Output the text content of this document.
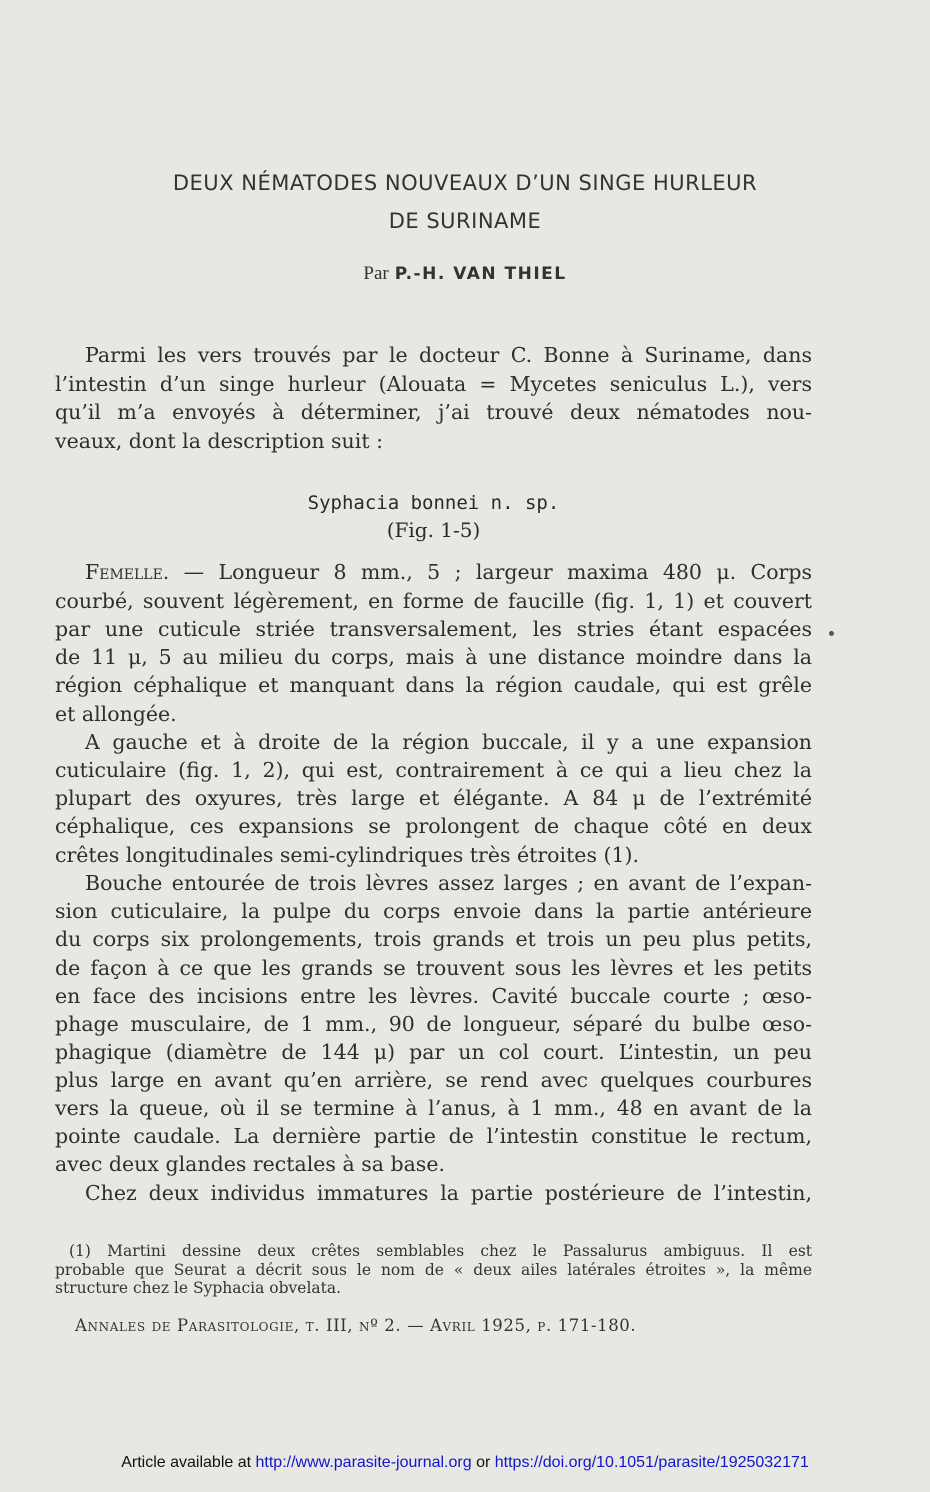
DEUX NÉMATODES NOUVEAUX D’UN SINGE HURLEUR
DE SURINAME
Par P.-H. VAN THIEL
Parmi les vers trouvés par le docteur C. Bonne à Suriname, dans
l’intestin d’un singe hurleur (Alouata = Mycetes seniculus L.), vers
qu’il m’a envoyés à déterminer, j’ai trouvé deux nématodes nou-
veaux, dont la description suit :
Syphacia bonnei n. sp.
(Fig. 1-5)
Femelle. — Longueur 8 mm., 5 ; largeur maxima 480 μ. Corps
courbé, souvent légèrement, en forme de faucille (fig. 1, 1) et couvert
par une cuticule striée transversalement, les stries étant espacées
de 11 μ, 5 au milieu du corps, mais à une distance moindre dans la
région céphalique et manquant dans la région caudale, qui est grêle
et allongée.
A gauche et à droite de la région buccale, il y a une expansion
cuticulaire (fig. 1, 2), qui est, contrairement à ce qui a lieu chez la
plupart des oxyures, très large et élégante. A 84 μ de l’extrémité
céphalique, ces expansions se prolongent de chaque côté en deux
crêtes longitudinales semi-cylindriques très étroites (1).
Bouche entourée de trois lèvres assez larges ; en avant de l’expan-
sion cuticulaire, la pulpe du corps envoie dans la partie antérieure
du corps six prolongements, trois grands et trois un peu plus petits,
de façon à ce que les grands se trouvent sous les lèvres et les petits
en face des incisions entre les lèvres. Cavité buccale courte ; œso-
phage musculaire, de 1 mm., 90 de longueur, séparé du bulbe œso-
phagique (diamètre de 144 μ) par un col court. L’intestin, un peu
plus large en avant qu’en arrière, se rend avec quelques courbures
vers la queue, où il se termine à l’anus, à 1 mm., 48 en avant de la
pointe caudale. La dernière partie de l’intestin constitue le rectum,
avec deux glandes rectales à sa base.
Chez deux individus immatures la partie postérieure de l’intestin,
(1) Martini dessine deux crêtes semblables chez le Passalurus ambiguus. Il est
probable que Seurat a décrit sous le nom de « deux ailes latérales étroites », la même
structure chez le Syphacia obvelata.
Annales de Parasitologie, t. III, nº 2. — Avril 1925, p. 171-180.
Article available at http://www.parasite-journal.org or https://doi.org/10.1051/parasite/1925032171
